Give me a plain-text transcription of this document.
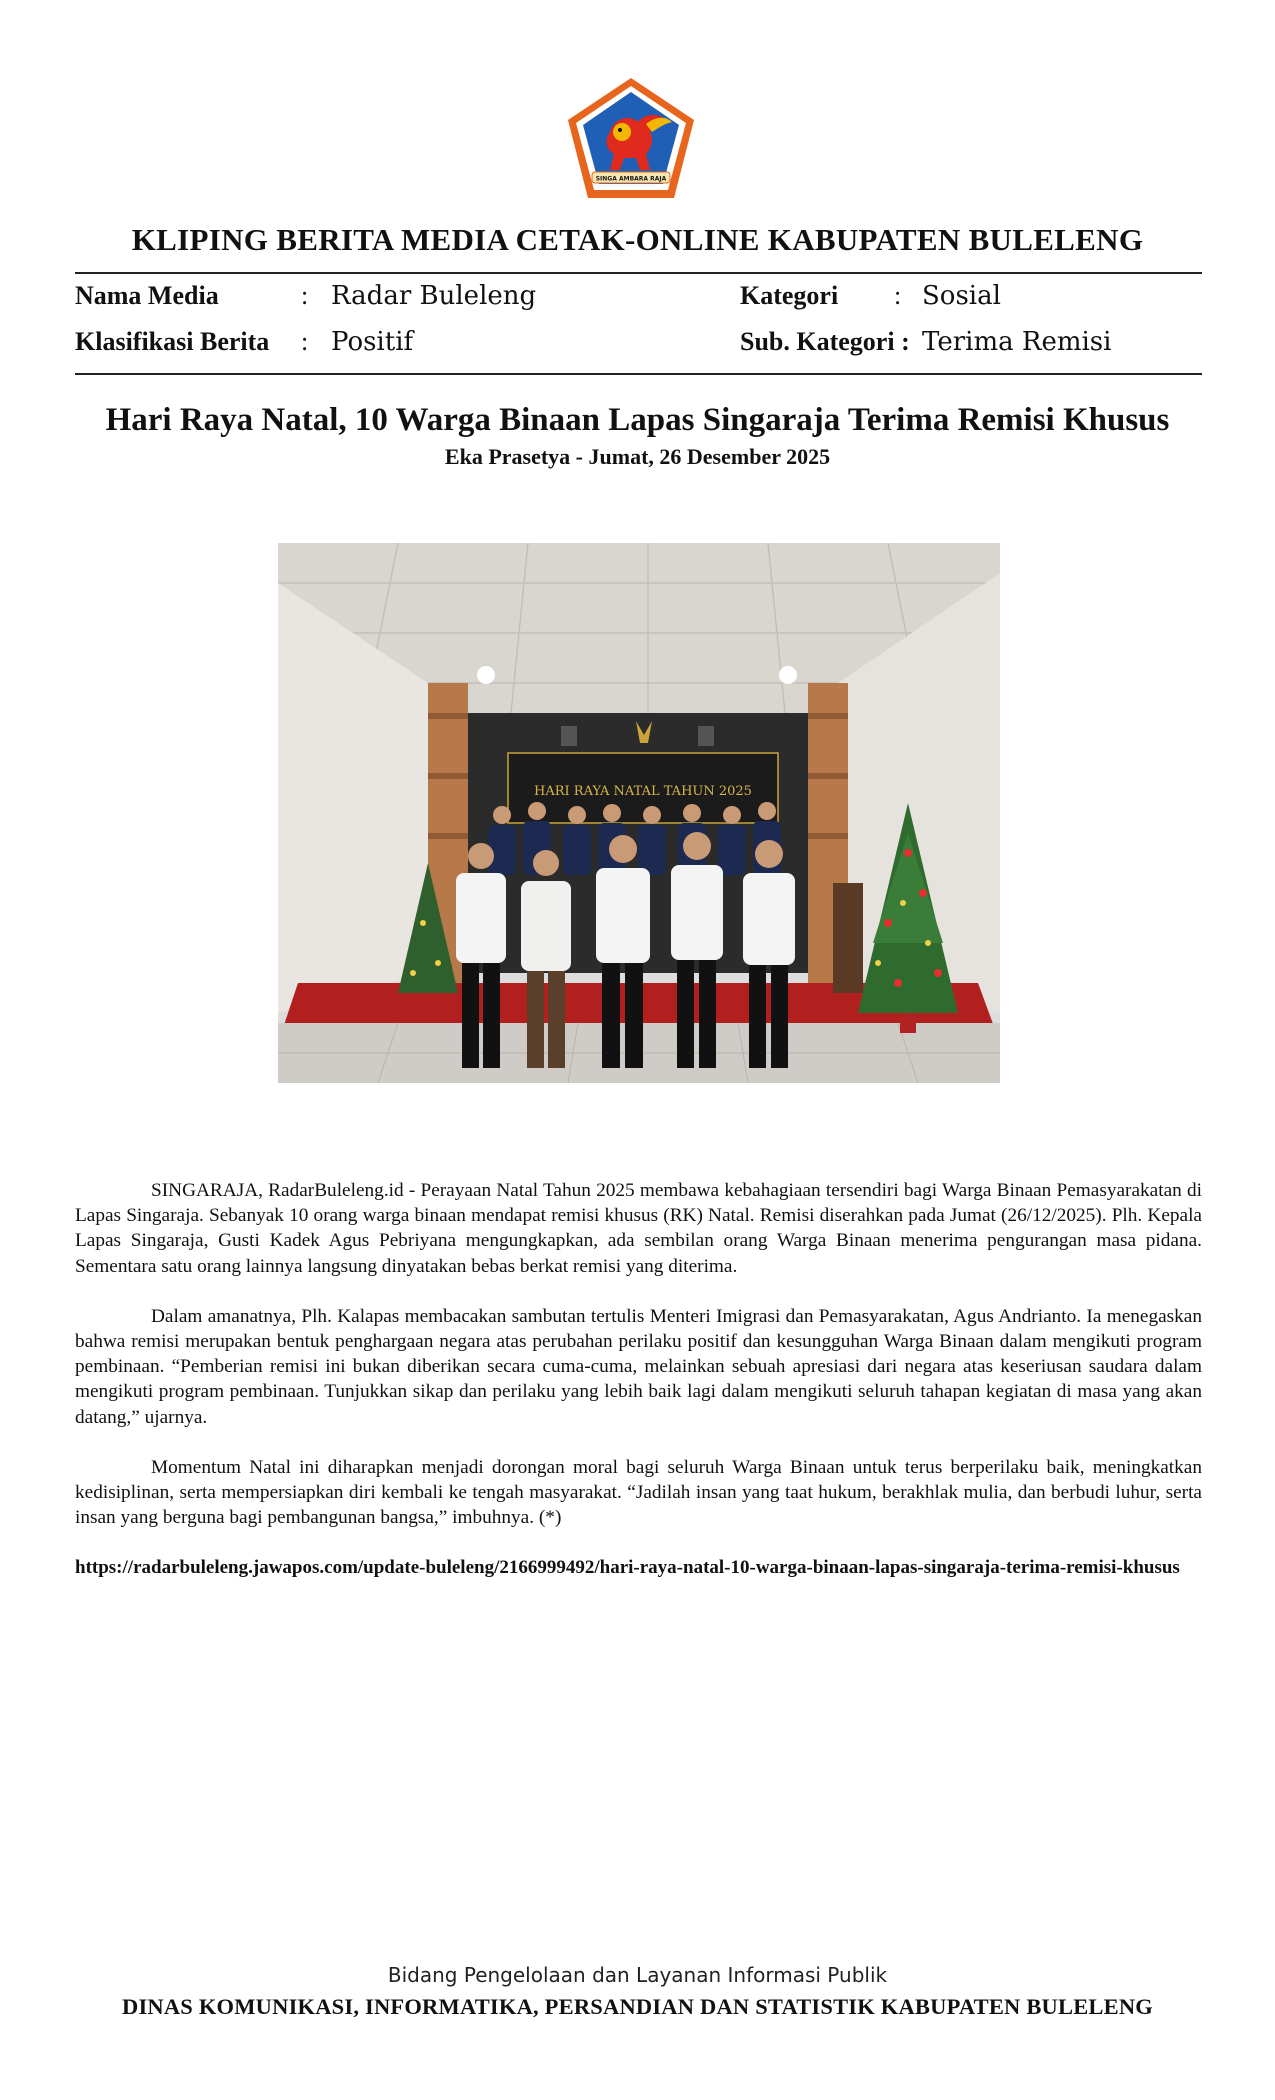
SINGA AMBARA RAJA
KLIPING BERITA MEDIA CETAK-ONLINE KABUPATEN BULELENG
Nama Media	: Radar Buleleng
Klasifikasi Berita : Positif
Kategori : Sosial
Sub. Kategori : Terima Remisi
Hari Raya Natal, 10 Warga Binaan Lapas Singaraja Terima Remisi Khusus
Eka Prasetya - Jumat, 26 Desember 2025
HARI RAYA NATAL TAHUN 2025

SINGARAJA, RadarBuleleng.id - Perayaan Natal Tahun 2025 membawa kebahagiaan tersendiri bagi Warga Binaan Pemasyarakatan di Lapas Singaraja. Sebanyak 10 orang warga binaan mendapat remisi khusus (RK) Natal. Remisi diserahkan pada Jumat (26/12/2025). Plh. Kepala Lapas Singaraja, Gusti Kadek Agus Pebriyana mengungkapkan, ada sembilan orang Warga Binaan menerima pengurangan masa pidana. Sementara satu orang lainnya langsung dinyatakan bebas berkat remisi yang diterima.

Dalam amanatnya, Plh. Kalapas membacakan sambutan tertulis Menteri Imigrasi dan Pemasyarakatan, Agus Andrianto. Ia menegaskan bahwa remisi merupakan bentuk penghargaan negara atas perubahan perilaku positif dan kesungguhan Warga Binaan dalam mengikuti program pembinaan. “Pemberian remisi ini bukan diberikan secara cuma-cuma, melainkan sebuah apresiasi dari negara atas keseriusan saudara dalam mengikuti program pembinaan. Tunjukkan sikap dan perilaku yang lebih baik lagi dalam mengikuti seluruh tahapan kegiatan di masa yang akan datang,” ujarnya.

Momentum Natal ini diharapkan menjadi dorongan moral bagi seluruh Warga Binaan untuk terus berperilaku baik, meningkatkan kedisiplinan, serta mempersiapkan diri kembali ke tengah masyarakat. “Jadilah insan yang taat hukum, berakhlak mulia, dan berbudi luhur, serta insan yang berguna bagi pembangunan bangsa,” imbuhnya. (*)

https://radarbuleleng.jawapos.com/update-buleleng/2166999492/hari-raya-natal-10-warga-binaan-lapas-singaraja-terima-remisi-khusus
Bidang Pengelolaan dan Layanan Informasi Publik
DINAS KOMUNIKASI, INFORMATIKA, PERSANDIAN DAN STATISTIK KABUPATEN BULELENG
